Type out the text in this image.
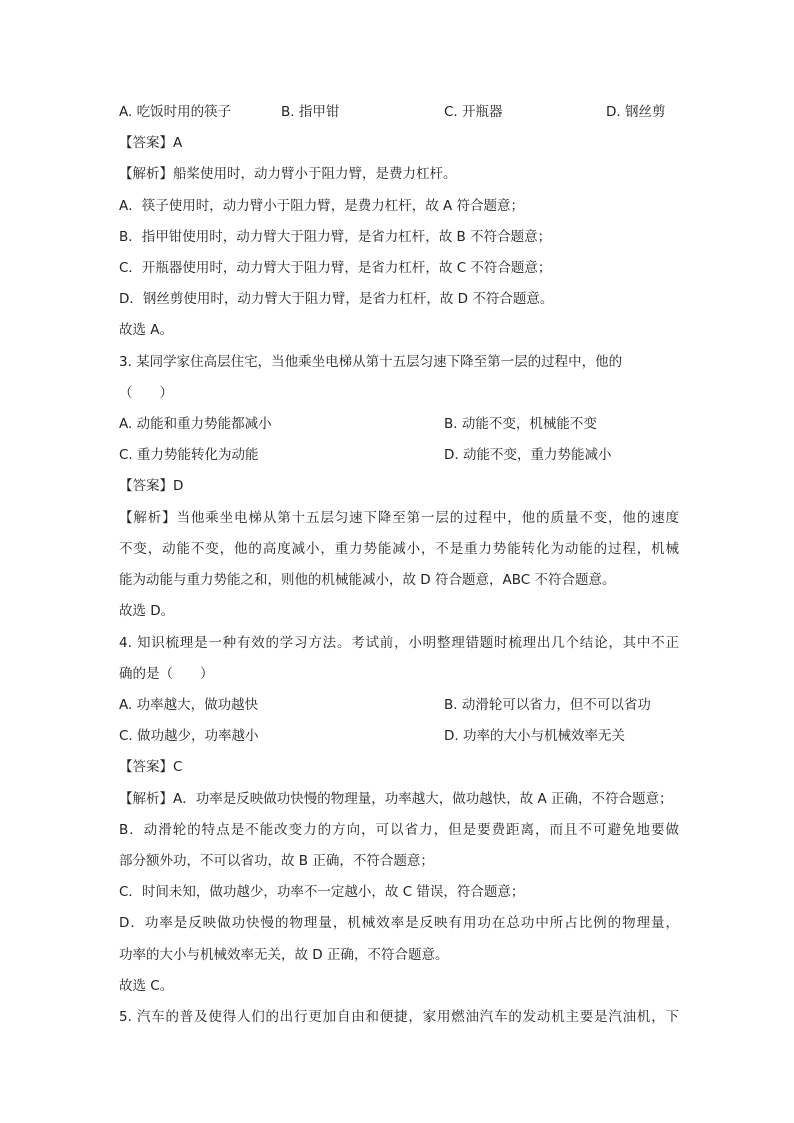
A. 吃饭时用的筷子	B. 指甲钳	C. 开瓶器	D. 钢丝剪
【答案】A
【解析】船桨使用时，动力臂小于阻力臂，是费力杠杆。
A．筷子使用时，动力臂小于阻力臂，是费力杠杆，故 A 符合题意；
B．指甲钳使用时，动力臂大于阻力臂，是省力杠杆，故 B 不符合题意；
C．开瓶器使用时，动力臂大于阻力臂，是省力杠杆，故 C 不符合题意；
D．钢丝剪使用时，动力臂大于阻力臂，是省力杠杆，故 D 不符合题意。
故选 A。
3. 某同学家住高层住宅，当他乘坐电梯从第十五层匀速下降至第一层的过程中，他的
（　　）
A. 动能和重力势能都减小	B. 动能不变，机械能不变
C. 重力势能转化为动能	D. 动能不变，重力势能减小
【答案】D
【解析】当他乘坐电梯从第十五层匀速下降至第一层的过程中，他的质量不变，他的速度
不变，动能不变，他的高度减小，重力势能减小，不是重力势能转化为动能的过程，机械
能为动能与重力势能之和，则他的机械能减小，故 D 符合题意，ABC 不符合题意。
故选 D。
4. 知识梳理是一种有效的学习方法。考试前，小明整理错题时梳理出几个结论，其中不正
确的是（　　）
A. 功率越大，做功越快	B. 动滑轮可以省力，但不可以省功
C. 做功越少，功率越小	D. 功率的大小与机械效率无关
【答案】C
【解析】A．功率是反映做功快慢的物理量，功率越大，做功越快，故 A 正确，不符合题意；
B．动滑轮的特点是不能改变力的方向，可以省力，但是要费距离，而且不可避免地要做
部分额外功，不可以省功，故 B 正确，不符合题意；
C．时间未知，做功越少，功率不一定越小，故 C 错误，符合题意；
D．功率是反映做功快慢的物理量，机械效率是反映有用功在总功中所占比例的物理量，
功率的大小与机械效率无关，故 D 正确，不符合题意。
故选 C。
5. 汽车的普及使得人们的出行更加自由和便捷，家用燃油汽车的发动机主要是汽油机，下
